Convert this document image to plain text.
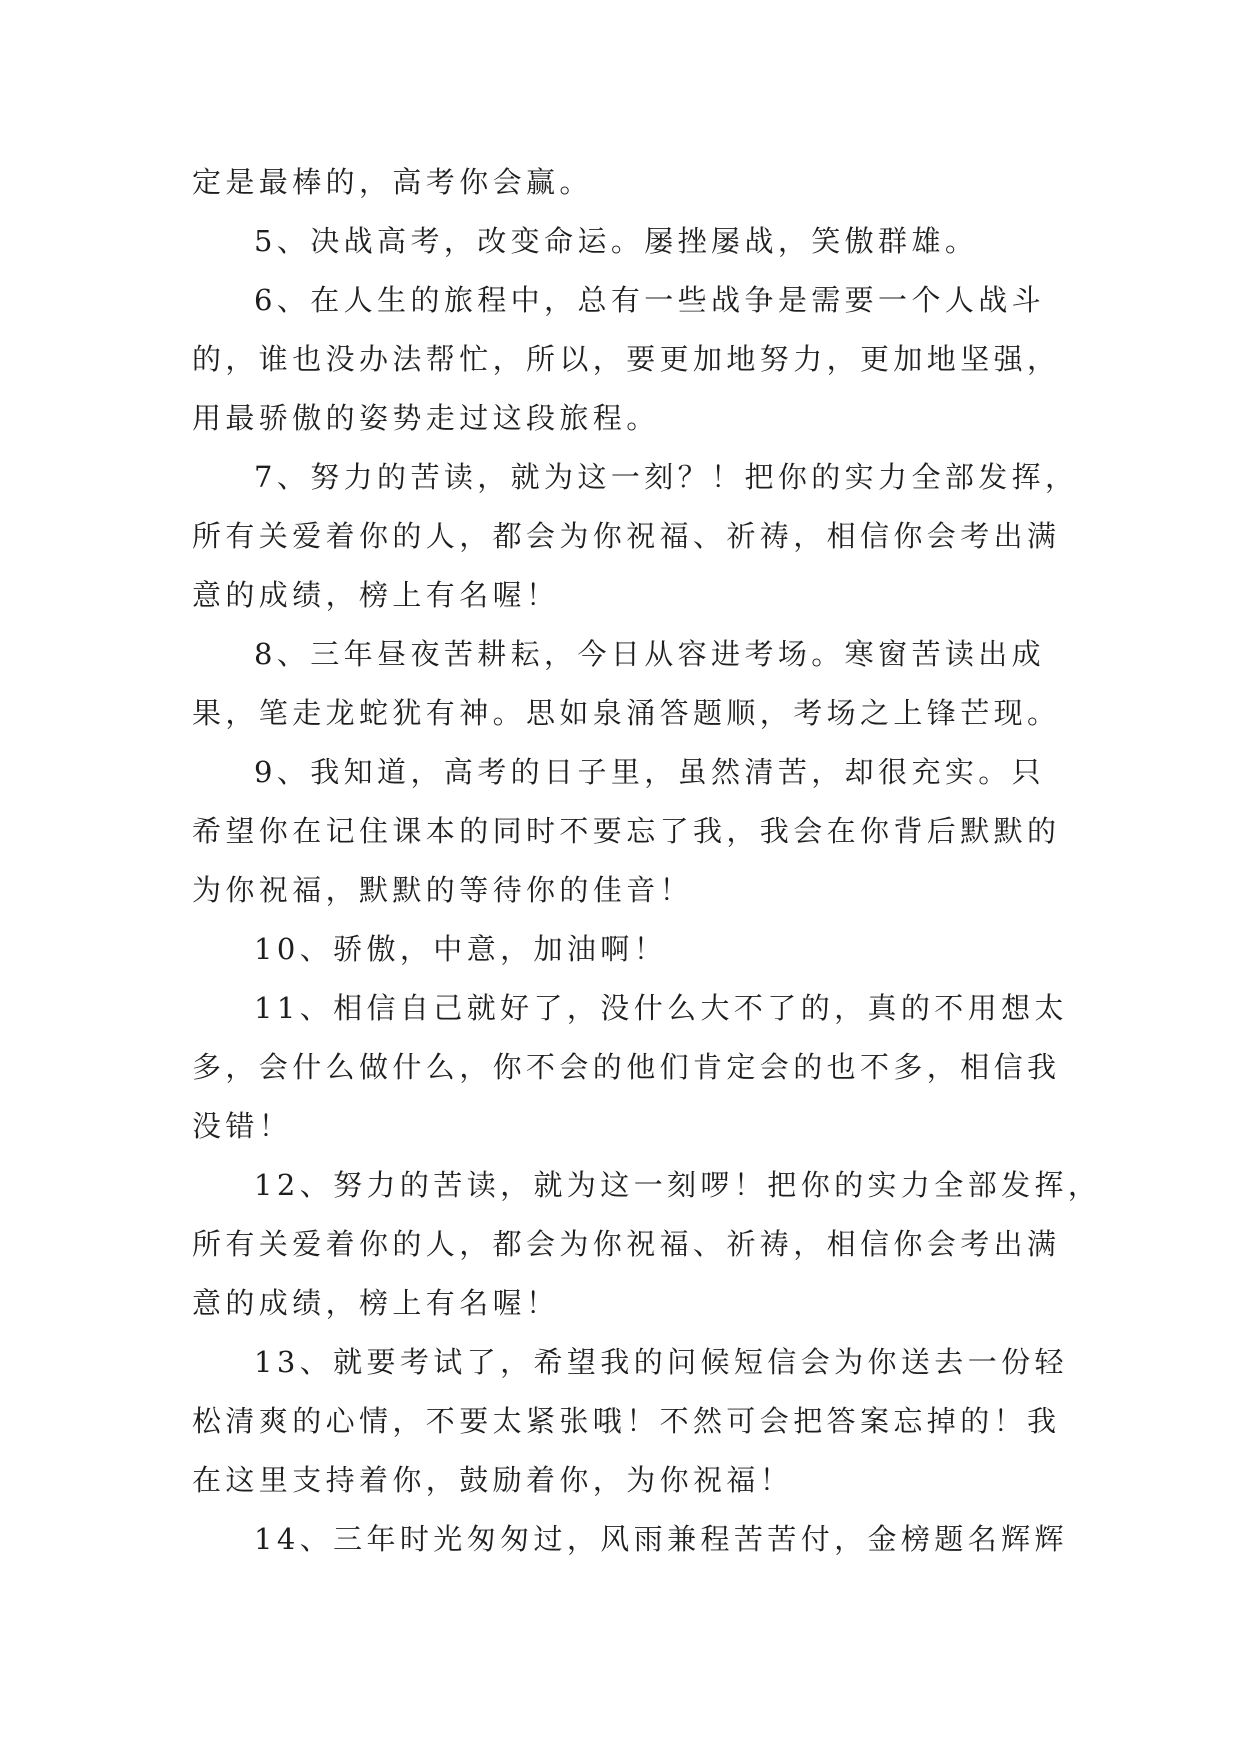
定是最棒的，高考你会赢。
5、决战高考，改变命运。屡挫屡战，笑傲群雄。
6、在人生的旅程中，总有一些战争是需要一个人战斗
的，谁也没办法帮忙，所以，要更加地努力，更加地坚强，
用最骄傲的姿势走过这段旅程。
7、努力的苦读，就为这一刻？！把你的实力全部发挥，
所有关爱着你的人，都会为你祝福、祈祷，相信你会考出满
意的成绩，榜上有名喔！
8、三年昼夜苦耕耘，今日从容进考场。寒窗苦读出成
果，笔走龙蛇犹有神。思如泉涌答题顺，考场之上锋芒现。
9、我知道，高考的日子里，虽然清苦，却很充实。只
希望你在记住课本的同时不要忘了我，我会在你背后默默的
为你祝福，默默的等待你的佳音！
10、骄傲，中意，加油啊！
11、相信自己就好了，没什么大不了的，真的不用想太
多，会什么做什么，你不会的他们肯定会的也不多，相信我
没错！
12、努力的苦读，就为这一刻啰！把你的实力全部发挥，
所有关爱着你的人，都会为你祝福、祈祷，相信你会考出满
意的成绩，榜上有名喔！
13、就要考试了，希望我的问候短信会为你送去一份轻
松清爽的心情，不要太紧张哦！不然可会把答案忘掉的！我
在这里支持着你，鼓励着你，为你祝福！
14、三年时光匆匆过，风雨兼程苦苦付，金榜题名辉辉
